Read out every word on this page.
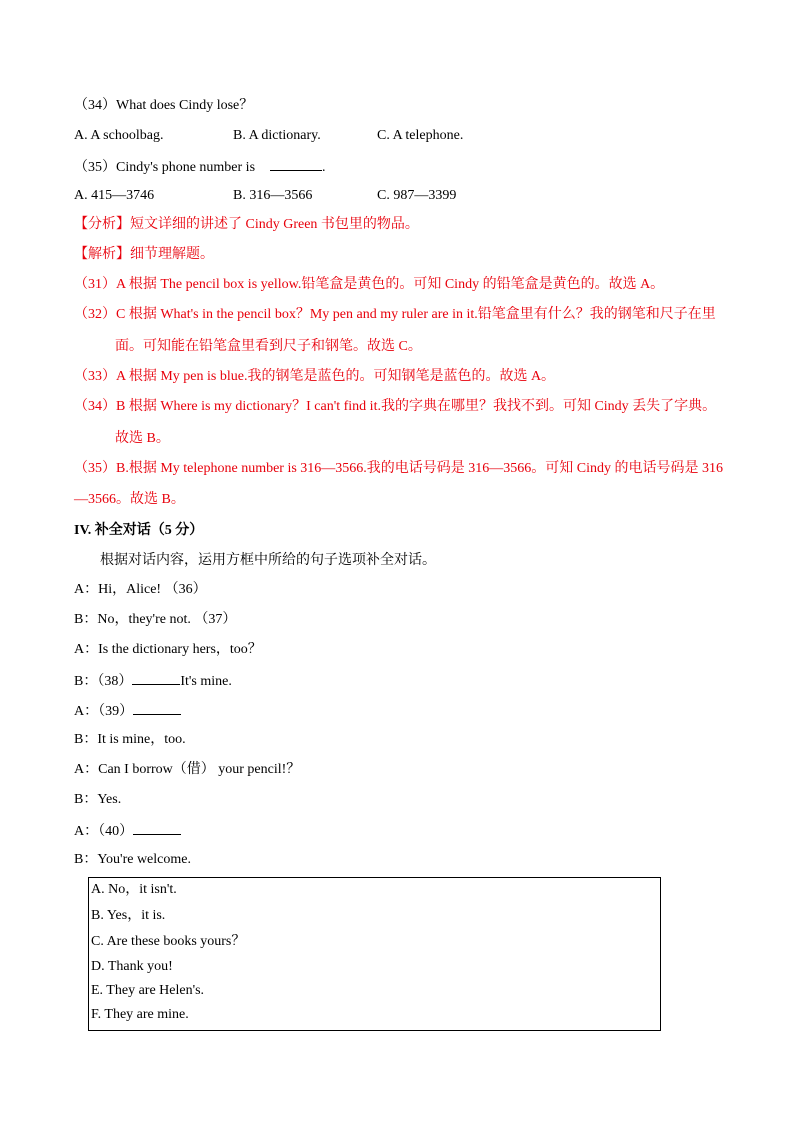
（34）What does Cindy lose？
A. A schoolbag.	B. A dictionary.	C. A telephone.
（35）Cindy's phone number is	.
A. 415—3746	B. 316—3566	C. 987—3399
【分析】短文详细的讲述了 Cindy Green 书包里的物品。
【解析】细节理解题。
（31）A 根据 The pencil box is yellow.铅笔盒是黄色的。可知 Cindy 的铅笔盒是黄色的。故选 A。
（32）C 根据 What's in the pencil box？My pen and my ruler are in it.铅笔盒里有什么？我的钢笔和尺子在里
面。可知能在铅笔盒里看到尺子和钢笔。故选 C。
（33）A 根据 My pen is blue.我的钢笔是蓝色的。可知钢笔是蓝色的。故选 A。
（34）B 根据 Where is my dictionary？I can't find it.我的字典在哪里？我找不到。可知 Cindy 丢失了字典。
故选 B。
（35）B.根据 My telephone number is 316—3566.我的电话号码是 316—3566。可知 Cindy 的电话号码是 316
—3566。故选 B。
IV. 补全对话（5 分）
根据对话内容，运用方框中所给的句子选项补全对话。
A：Hi，Alice! （36）
B：No，they're not. （37）
A：Is the dictionary hers，too？
B：（38）	It's mine.
A：（39）
B：It is mine，too.
A：Can I borrow（借） your pencil!？
B：Yes.
A：（40）
B：You're welcome.
A. No，it isn't.
B. Yes，it is.
C. Are these books yours？
D. Thank you!
E. They are Helen's.
F. They are mine.
